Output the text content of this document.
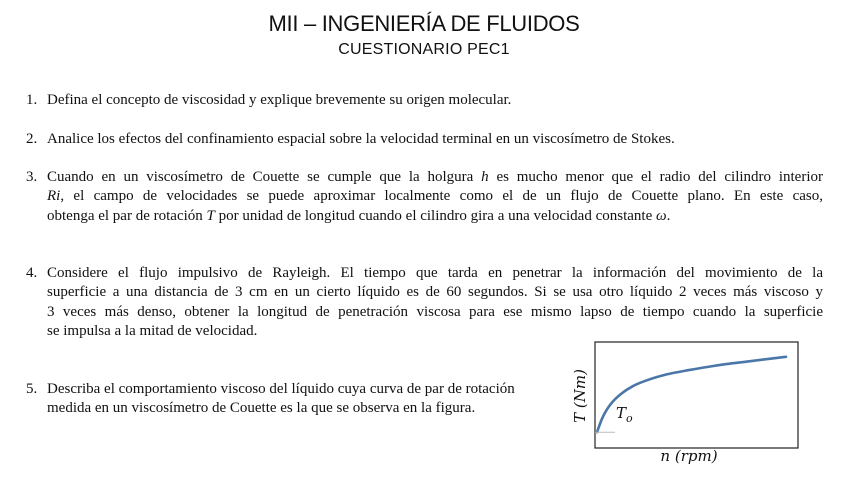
MII – INGENIERÍA DE FLUIDOS
CUESTIONARIO PEC1
1. Defina el concepto de viscosidad y explique brevemente su origen molecular.
2. Analice los efectos del confinamiento espacial sobre la velocidad terminal en un viscosímetro de Stokes.
3. Cuando en un viscosímetro de Couette se cumple que la holgura h es mucho menor que el radio del cilindro interior
Ri, el campo de velocidades se puede aproximar localmente como el de un flujo de Couette plano. En este caso,
obtenga el par de rotación T por unidad de longitud cuando el cilindro gira a una velocidad constante ω.
4. Considere el flujo impulsivo de Rayleigh. El tiempo que tarda en penetrar la información del movimiento de la
superficie a una distancia de 3 cm en un cierto líquido es de 60 segundos. Si se usa otro líquido 2 veces más viscoso y
3 veces más denso, obtener la longitud de penetración viscosa para ese mismo lapso de tiempo cuando la superficie
se impulsa a la mitad de velocidad.
5. Describa el comportamiento viscoso del líquido cuya curva de par de rotación
medida en un viscosímetro de Couette es la que se observa en la figura.	T (Nm)
n (rpm)
$T_o$
